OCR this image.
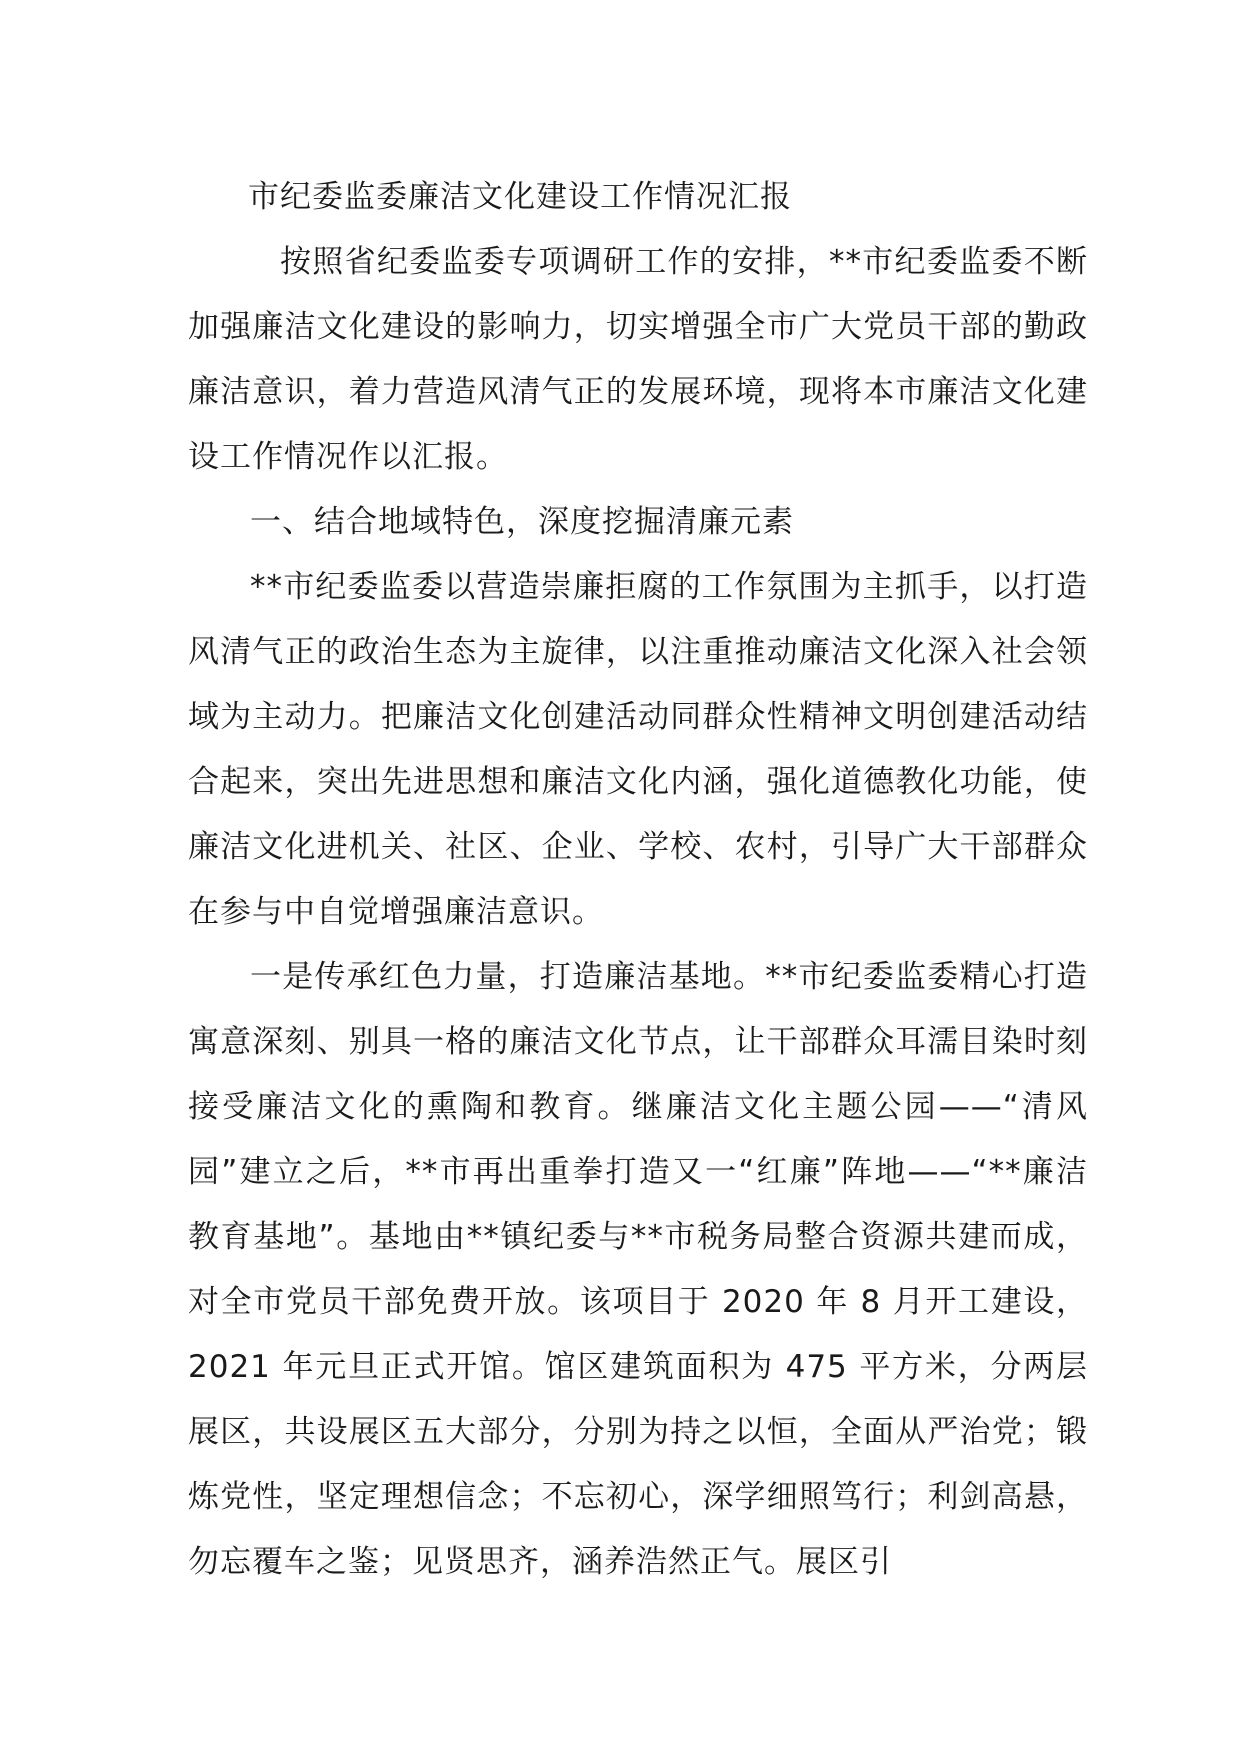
市纪委监委廉洁文化建设工作情况汇报

按照省纪委监委专项调研工作的安排，**市纪委监委不断加强廉洁文化建设的影响力，切实增强全市广大党员干部的勤政廉洁意识，着力营造风清气正的发展环境，现将本市廉洁文化建设工作情况作以汇报。

一、结合地域特色，深度挖掘清廉元素

**市纪委监委以营造崇廉拒腐的工作氛围为主抓手，以打造风清气正的政治生态为主旋律，以注重推动廉洁文化深入社会领域为主动力。把廉洁文化创建活动同群众性精神文明创建活动结合起来，突出先进思想和廉洁文化内涵，强化道德教化功能，使廉洁文化进机关、社区、企业、学校、农村，引导广大干部群众在参与中自觉增强廉洁意识。

一是传承红色力量，打造廉洁基地。**市纪委监委精心打造寓意深刻、别具一格的廉洁文化节点，让干部群众耳濡目染时刻接受廉洁文化的熏陶和教育。继廉洁文化主题公园——“清风园”建立之后，**市再出重拳打造又一“红廉”阵地——“**廉洁教育基地”。基地由**镇纪委与**市税务局整合资源共建而成，对全市党员干部免费开放。该项目于 2020 年 8 月开工建设，2021 年元旦正式开馆。馆区建筑面积为 475 平方米，分两层展区，共设展区五大部分，分别为持之以恒，全面从严治党；锻炼党性，坚定理想信念；不忘初心，深学细照笃行；利剑高悬，勿忘覆车之鉴；见贤思齐，涵养浩然正气。展区引
